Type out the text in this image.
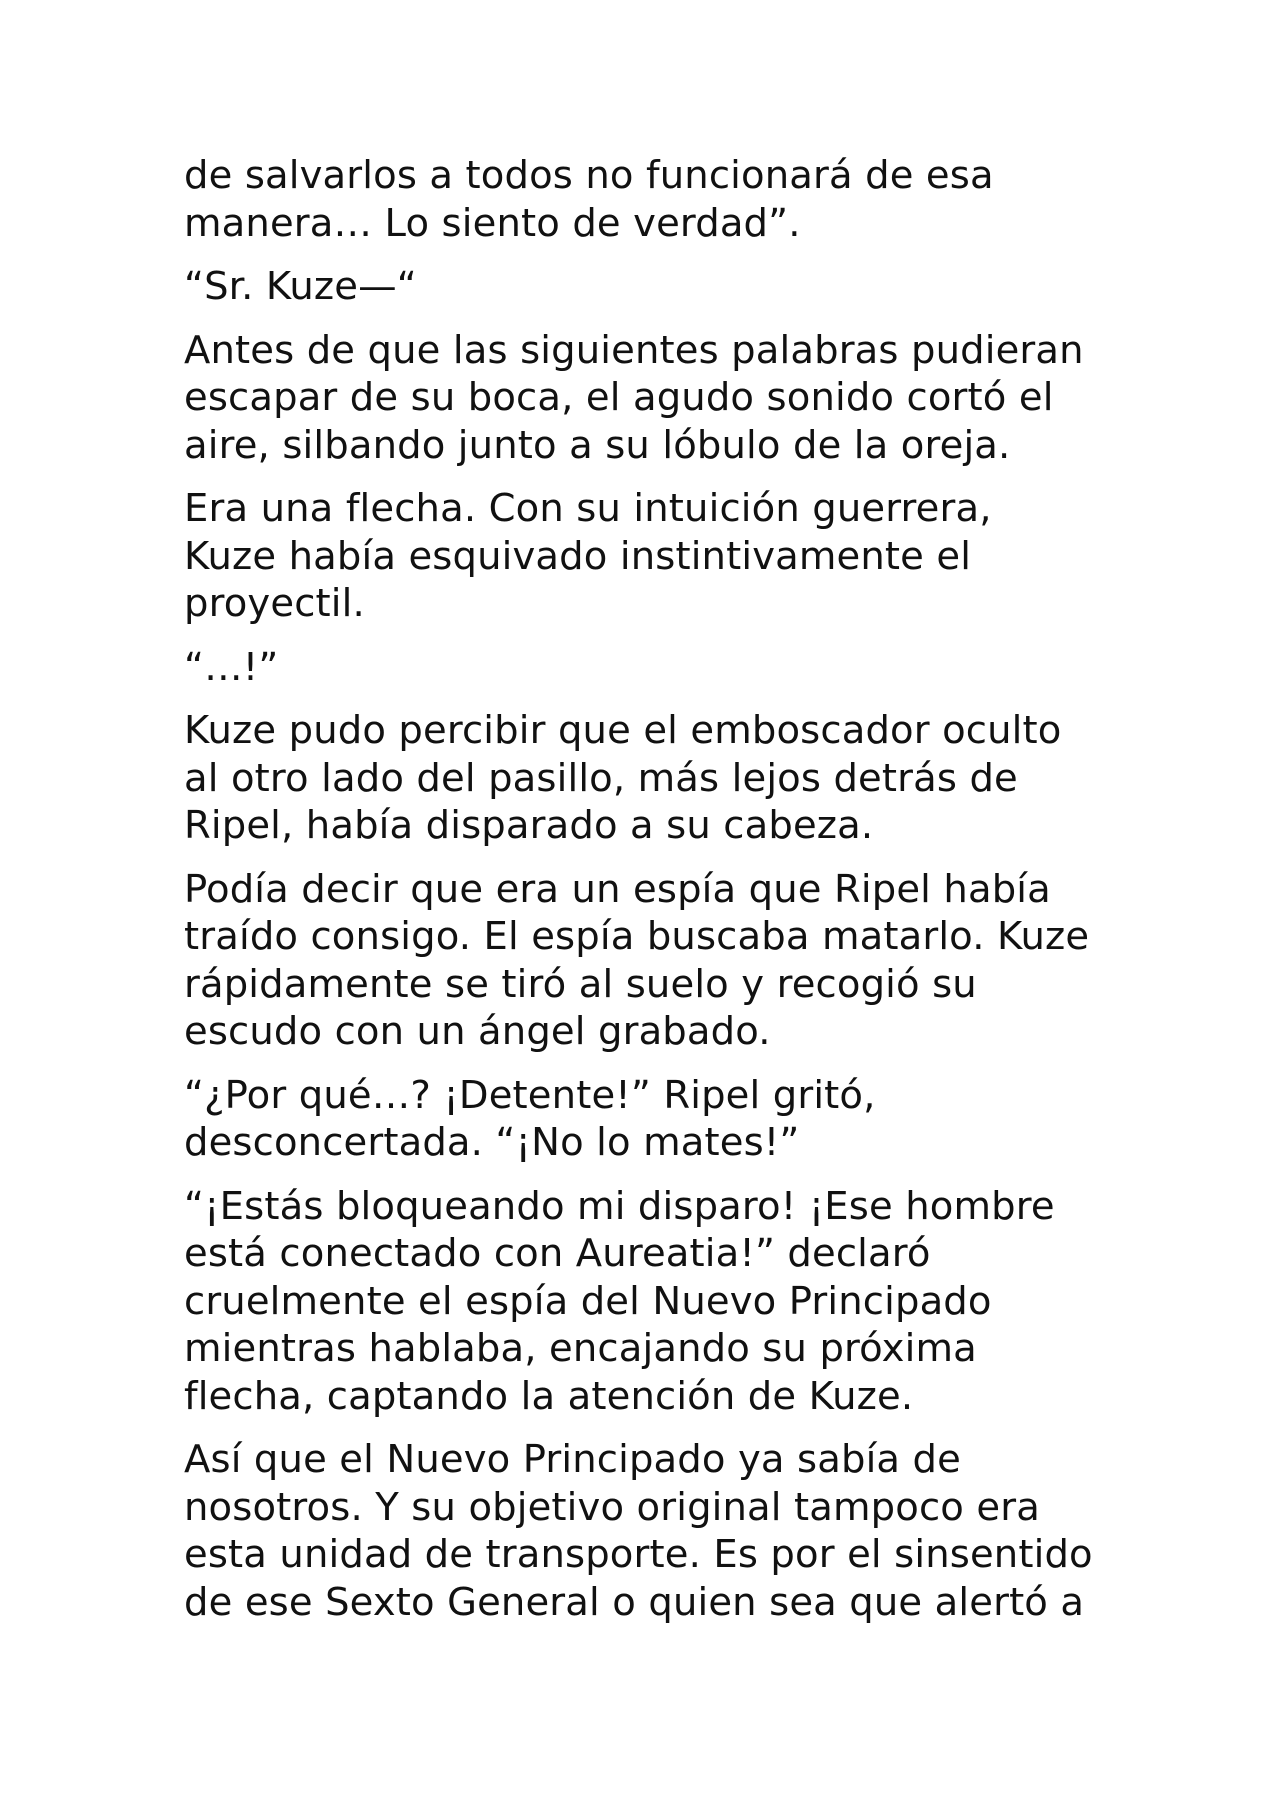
de salvarlos a todos no funcionará de esa
manera… Lo siento de verdad”.

“Sr. Kuze—“

Antes de que las siguientes palabras pudieran
escapar de su boca, el agudo sonido cortó el
aire, silbando junto a su lóbulo de la oreja.

Era una flecha. Con su intuición guerrera,
Kuze había esquivado instintivamente el
proyectil.

“…!”

Kuze pudo percibir que el emboscador oculto
al otro lado del pasillo, más lejos detrás de
Ripel, había disparado a su cabeza.

Podía decir que era un espía que Ripel había
traído consigo. El espía buscaba matarlo. Kuze
rápidamente se tiró al suelo y recogió su
escudo con un ángel grabado.

“¿Por qué…? ¡Detente!” Ripel gritó,
desconcertada. “¡No lo mates!”

“¡Estás bloqueando mi disparo! ¡Ese hombre
está conectado con Aureatia!” declaró
cruelmente el espía del Nuevo Principado
mientras hablaba, encajando su próxima
flecha, captando la atención de Kuze.

Así que el Nuevo Principado ya sabía de
nosotros. Y su objetivo original tampoco era
esta unidad de transporte. Es por el sinsentido
de ese Sexto General o quien sea que alertó a
